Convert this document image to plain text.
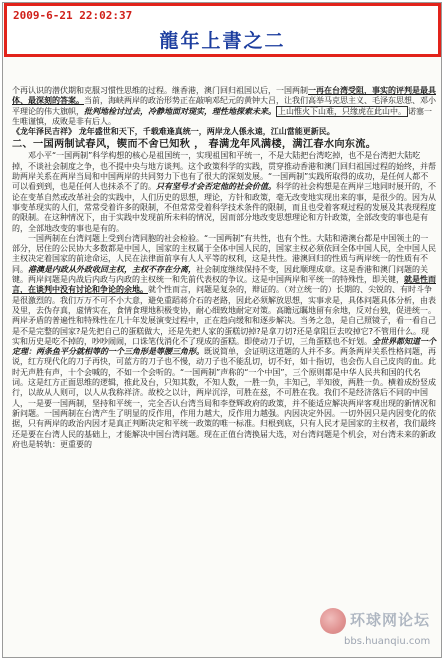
2009-6-21 22:02:37
龍年上書之二

个再认识的潜伏期和克服习惯性思维的过程。继香港，澳门回归祖国以后，一国两制一再在台湾受阻，事实的评判是最具体、最深刻的答案。当前，海峡两岸的政治形势正在敲响邓纪元的黄钟大吕，让我们高举马克思主义、毛泽东思想、邓小平理论的伟大旗帜，批判地检讨过去，冷静地面对现实，理性地探索未来。 上山惟火下山难，只缘虎在此山中。 诺塞一生唯谨慎，成败是非有后人。

《龙年泽民吉祥》 龙年盛世和天下，千载难逢真统一，两岸龙人係永遠，江山當能更新民。

二、一国两制试春风，锲而不舍已知秋 ， 春满龙年风满楼，满江春水向东流。

邓小平“一国两制”科学构想的核心是祖国统一，实现祖国和平统一，不是大陆把台湾吃掉，也不是台湾把大陆吃掉，不谈社会制度之争，也不提中央与地方谈判。这个政策科学的实践，贯穿推动香港和澳门回归祖国过程的始终，并帮助两岸关系在两岸当局和中国两岸的共同努力下也有了很大的深刻发展。“一国两制”实践所取得的成功，是任何人都不可以看到到，也是任何人也抹杀不了的。只有坚号才会否定他的社会价值。科学的社会构想是在两岸三地同时展开的，不论在变革自然或改革社会的实践中，人们历史的思想，理论，方针和政策，毫无改变地实现出来的事，是很少的。因为从事变革现实的人们，常常受着许多的限制，不但常常受着科学技术条件的限制，而且也受着客观过程的发展及其表现程度的限制。在这种情况下，由于实践中发现前所未料的情况，因而部分地改变思想理论和方针政策，全部改变的事也是有的，全部地改变的事也是有的。

一国两制在台湾问题上受到台湾同胞的社会检验。“一国两制”有共性，也有个性。大陆和港澳台都是中国领土的一部分，居住的公民协大多数都是中国人，国家的主权属于全体中国人民的，国家主权必须依回全体中国人民，全中国人民主权决定着国家的前途命运，人民在法律面前享有人人平等的权利，这是共性。港澳回归的性质与两岸统一的性质有不同。港澳是内政从外政收回主权，主权不存在分离，社会制度继续保持不变，因此顺理成章。这是香港和澳门问题的关键。两岸问题是内战后内政与内政的主权统一和先前代表权的争议。这是中国两岸和平统一的特殊性，即关键，就是性而言，在谈判中没有讨论和争论的余地。就个性而言，问题是复杂的，辩证的。（对立统一的）长期的、尖锐的、有时斗争是很激烈的。我们万万不可不小大意，避免重蹈蒋介石的老路，因此必须解放思想，实事求是，具体问题具体分析，由表及里，去伪存真，虚情实在，食情食理地积极变协，耐心细致地耐定对策。高瞻远瞩地留有余地，反对台独，促进统一。两岸矛盾的普遍性和特殊性在几十年发展演变过程中，正在趋向缓和和逐步解决。当务之急，是自己照镜子，看一看自己是不是完整的国家?是先把自己的蛋糕做大，还是先把人家的蛋糕切掉?是拿刀切?还是拿阻巨去咬掉它?不管用什么。现实和历史是吃不掉的，吵吵闹闹，口诛笔伐消化不了现成的蛋糕。即使动刀子切，三角蛋糕也不好划。全世界都知道一个定理：两条鱼平分就相等的一个三角形是等腰三角形。既说简单，会证明这道题的人并不多。两条两岸关系性格问题，再说，红方现代化的刀子再快，可蓝方的刀子也不慢，动刀子也不能乱切，切不好，如十指切，也会伤人自己皮肉的血。此时无声胜有声，十个会喊的，不如一个会听的。“一国两制”声称的“一个中国”，三个原则都是中华人民共和国的代名词。这是红方正面思维的逻辑，推此及台，只知其数，不知人数，一胜一负，丰知己，半知彼，两胜一负。横着成纷竖成行，以故从人则可，以人从我称祥济。故校之以计，两岸沉浮，可胜在兹，不可胜在我。我们不是经济落后不同的中国人，一是要一国两制，坚持和平统一，完全否认台湾当局和李登辉政府的政策，并不能适应解决两岸客观出现的新情况和新问题。一国两制在台湾产生了明显的反作用，作用力越大，反作用力越强。内因决定外因。一切外因只是内因变化的依据，只有两岸的政治内因才是真正判断决定和平统一政策的唯一标准。归根到底，只有人民才是国家的主权者，我们最终还是要在台湾人民的基础上，才能解决中国台湾问题。现在正值台湾换届大选，对台湾问题是个机会，对台湾未来的新政府也是转轨：更重要的

环球网论坛
bbs.huanqiu.com
